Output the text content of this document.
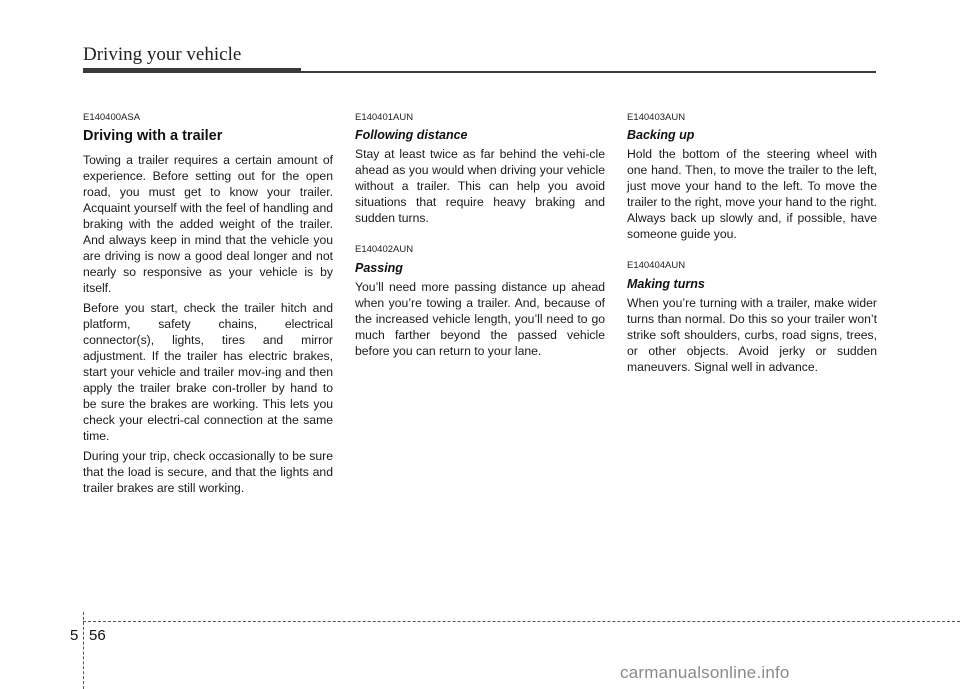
Driving your vehicle

E140400ASA

Driving with a trailer

Towing a trailer requires a certain amount of experience. Before setting out for the open road, you must get to know your trailer. Acquaint yourself with the feel of handling and braking with the added weight of the trailer. And always keep in mind that the vehicle you are driving is now a good deal longer and not nearly so responsive as your vehicle is by itself.

Before you start, check the trailer hitch and platform, safety chains, electrical connector(s), lights, tires and mirror adjustment. If the trailer has electric brakes, start your vehicle and trailer mov-ing and then apply the trailer brake con-troller by hand to be sure the brakes are working. This lets you check your electri-cal connection at the same time.

During your trip, check occasionally to be sure that the load is secure, and that the lights and trailer brakes are still working.

E140401AUN

Following distance

Stay at least twice as far behind the vehi-cle ahead as you would when driving your vehicle without a trailer. This can help you avoid situations that require heavy braking and sudden turns.

E140402AUN

Passing

You’ll need more passing distance up ahead when you’re towing a trailer. And, because of the increased vehicle length, you’ll need to go much farther beyond the passed vehicle before you can return to your lane.

E140403AUN

Backing up

Hold the bottom of the steering wheel with one hand. Then, to move the trailer to the left, just move your hand to the left. To move the trailer to the right, move your hand to the right. Always back up slowly and, if possible, have someone guide you.

E140404AUN

Making turns

When you’re turning with a trailer, make wider turns than normal. Do this so your trailer won’t strike soft shoulders, curbs, road signs, trees, or other objects. Avoid jerky or sudden maneuvers. Signal well in advance.

5 56
carmanualsonline.info
